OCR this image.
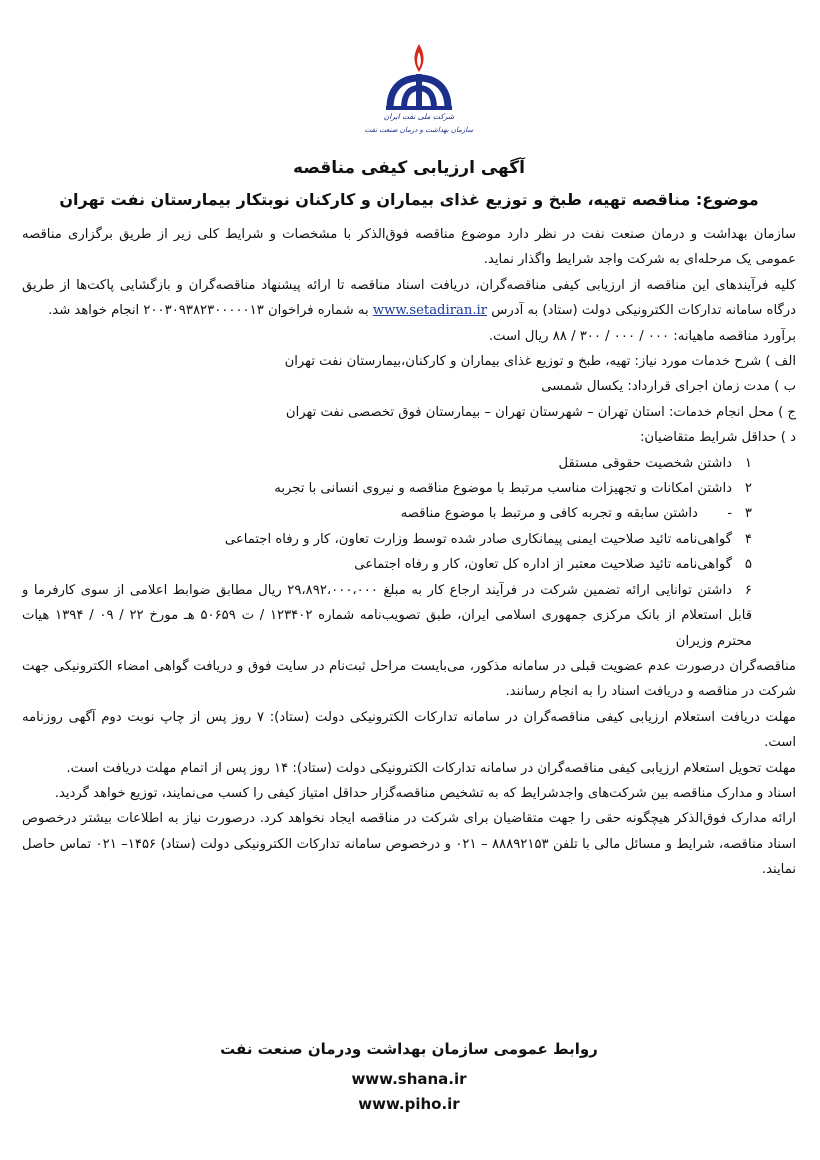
شرکت ملی نفت ایران
سازمان بهداشت و درمان صنعت نفت
آگهی ارزیابی کیفی مناقصه
موضوع: مناقصه تهیه، طبخ و توزیع غذای بیماران و کارکنان نوبتکار بیمارستان نفت تهران

سازمان بهداشت و درمان صنعت نفت در نظر دارد موضوع مناقصه فوق‌الذکر با مشخصات و شرایط کلی زیر از طریق برگزاری مناقصه عمومی یک مرحله‌ای به شرکت واجد شرایط واگذار نماید.

کلیه فرآیندهای این مناقصه از ارزیابی کیفی مناقصه‌گران، دریافت اسناد مناقصه تا ارائه پیشنهاد مناقصه‌گران و بازگشایی پاکت‌ها از طریق درگاه سامانه تدارکات الکترونیکی دولت (ستاد) به آدرس www.setadiran.ir به شماره فراخوان ۲۰۰۳۰۹۳۸۲۳۰۰۰۰۰۱۳ انجام خواهد شد.

برآورد مناقصه ماهیانه: ۰۰۰ / ۰۰۰ / ۳۰۰ / ۸۸ ریال است.

الف ) شرح خدمات مورد نیاز: تهیه، طبخ و توزیع غذای بیماران و کارکنان،بیمارستان نفت تهران

ب ) مدت زمان اجرای قرارداد: یکسال شمسی

ج ) محل انجام خدمات: استان تهران – شهرستان تهران – بیمارستان فوق تخصصی نفت تهران

د ) حداقل شرایط متقاضیان:

۱داشتن شخصیت حقوقی مستقل

۲داشتن امکانات و تجهیزات مناسب مرتبط با موضوع مناقصه و نیروی انسانی با تجربه

۳-       داشتن سابقه و تجربه کافی و مرتبط با موضوع مناقصه

۴گواهی‌نامه تائید صلاحیت ایمنی پیمانکاری صادر شده توسط وزارت تعاون، کار و رفاه اجتماعی

۵گواهی‌نامه تائید صلاحیت معتبر از اداره کل تعاون، کار و رفاه اجتماعی

۶داشتن توانایی ارائه تضمین شرکت در فرآیند ارجاع کار به مبلغ ۲۹،۸۹۲،۰۰۰،۰۰۰ ریال مطابق ضوابط اعلامی از سوی کارفرما و قابل استعلام از بانک مرکزی جمهوری اسلامی ایران، طبق تصویب‌نامه شماره ۱۲۳۴۰۲ / ت ۵۰۶۵۹ هـ مورخ ۲۲ / ۰۹ / ۱۳۹۴ هیات محترم وزیران

مناقصه‌گران درصورت عدم عضویت قبلی در سامانه مذکور، می‌بایست مراحل ثبت‌نام در سایت فوق و دریافت گواهی امضاء الکترونیکی جهت شرکت در مناقصه و دریافت اسناد را به انجام رسانند.

مهلت دریافت استعلام ارزیابی کیفی مناقصه‌گران در سامانه تدارکات الکترونیکی دولت (ستاد): ۷ روز پس از چاپ نوبت دوم آگهی روزنامه است.

مهلت تحویل استعلام ارزیابی کیفی مناقصه‌گران در سامانه تدارکات الکترونیکی دولت (ستاد): ۱۴ روز پس از اتمام مهلت دریافت است.

اسناد و مدارک مناقصه بین شرکت‌های واجدشرایط که به تشخیص مناقصه‌گزار حداقل امتیاز کیفی را کسب می‌نمایند، توزیع خواهد گردید.

ارائه مدارک فوق‌الذکر هیچگونه حقی را جهت متقاضیان برای شرکت در مناقصه ایجاد نخواهد کرد. درصورت نیاز به اطلاعات بیشتر درخصوص اسناد مناقصه، شرایط و مسائل مالی با تلفن ۸۸۸۹۲۱۵۳ – ۰۲۱ و درخصوص سامانه تدارکات الکترونیکی دولت (ستاد) ۱۴۵۶– ۰۲۱ تماس حاصل نمایند.

روابط عمومی سازمان بهداشت ودرمان صنعت نفت
www.shana.ir
www.piho.ir
